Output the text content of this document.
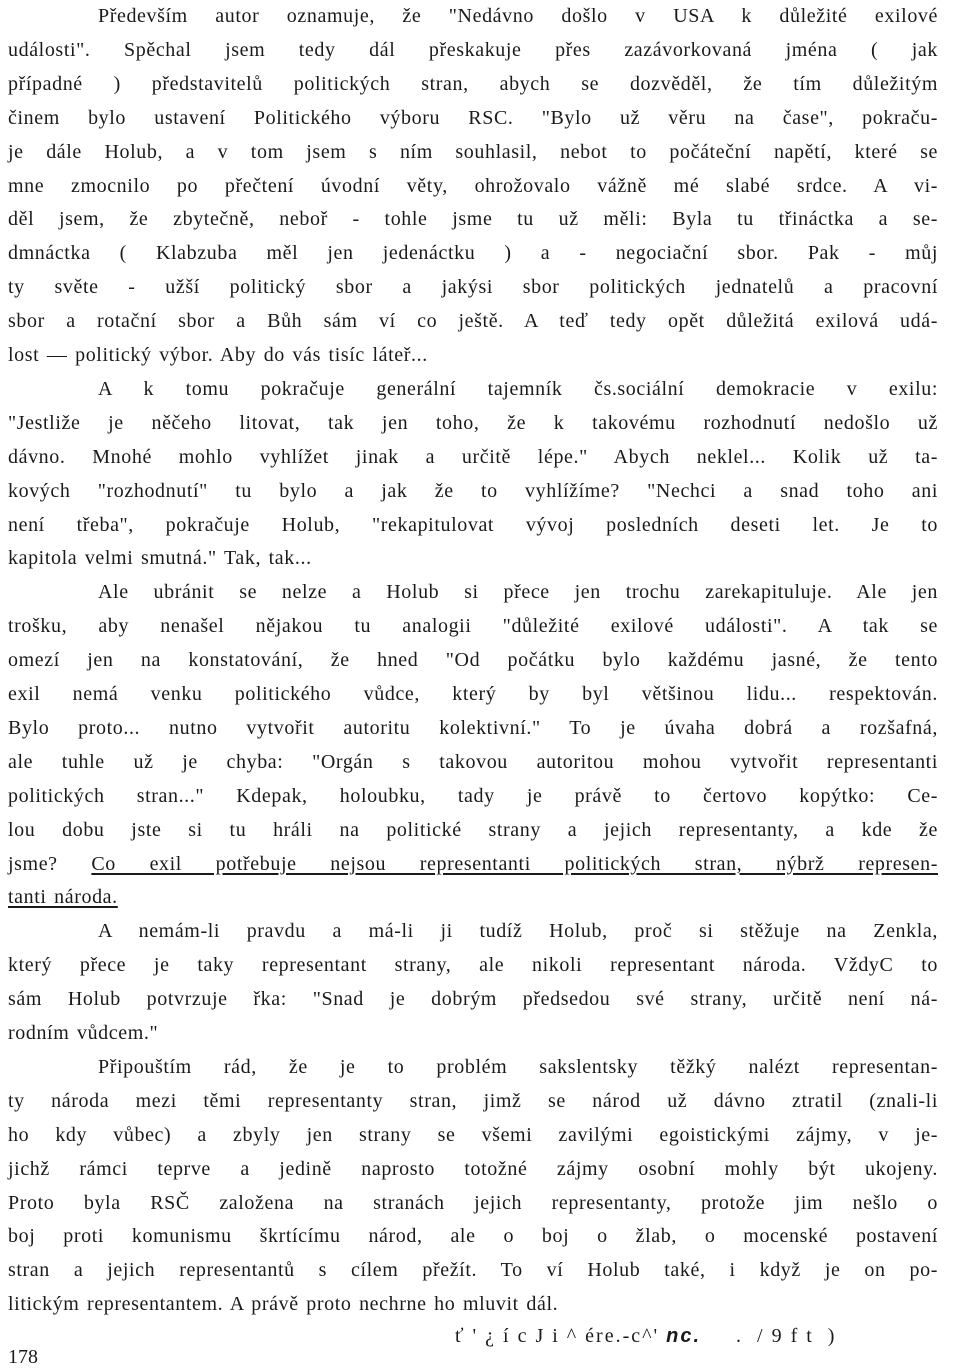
Především autor oznamuje, že "Nedávno došlo v USA k důležité exilové
události". Spěchal jsem tedy dál přeskakuje přes zazávorkovaná jména ( jak
případné ) představitelů politických stran, abych se dozvěděl, že tím důležitým
činem bylo ustavení Politického výboru RSC. "Bylo už věru na čase", pokraču-
je dále Holub, a v tom jsem s ním souhlasil, nebot to počáteční napětí, které se
mne zmocnilo po přečtení úvodní věty, ohrožovalo vážně mé slabé srdce. A vi-
děl jsem, že zbytečně, neboř - tohle jsme tu už měli: Byla tu třináctka a se-
dmnáctka ( Klabzuba měl jen jedenáctku ) a - negociační sbor. Pak - můj
ty světe - užší politický sbor a jakýsi sbor politických jednatelů a pracovní
sbor a rotační sbor a Bůh sám ví co ještě. A teď tedy opět důležitá exilová udá-
lost — politický výbor. Aby do vás tisíc láteř...
A k tomu pokračuje generální tajemník čs.sociální demokracie v exilu:
"Jestliže je něčeho litovat, tak jen toho, že k takovému rozhodnutí nedošlo už
dávno. Mnohé mohlo vyhlížet jinak a určitě lépe." Abych neklel... Kolik už ta-
kových "rozhodnutí" tu bylo a jak že to vyhlížíme? "Nechci a snad toho ani
není třeba", pokračuje Holub, "rekapitulovat vývoj posledních deseti let. Je to
kapitola velmi smutná." Tak, tak...
Ale ubránit se nelze a Holub si přece jen trochu zarekapituluje. Ale jen
trošku, aby nenašel nějakou tu analogii "důležité exilové události". A tak se
omezí jen na konstatování, že hned "Od počátku bylo každému jasné, že tento
exil nemá venku politického vůdce, který by byl většinou lidu... respektován.
Bylo proto... nutno vytvořit autoritu kolektivní." To je úvaha dobrá a rozšafná,
ale tuhle už je chyba: "Orgán s takovou autoritou mohou vytvořit representanti
politických stran..." Kdepak, holoubku, tady je právě to čertovo kopýtko: Ce-
lou dobu jste si tu hráli na politické strany a jejich representanty, a kde že
jsme? Co exil potřebuje nejsou representanti politických stran, nýbrž represen-
tanti národa.
A nemám-li pravdu a má-li ji tudíž Holub, proč si stěžuje na Zenkla,
který přece je taky representant strany, ale nikoli representant národa. VždyC to
sám Holub potvrzuje řka: "Snad je dobrým předsedou své strany, určitě není ná-
rodním vůdcem."
Připouštím rád, že je to problém sakslentsky těžký nalézt representan-
ty národa mezi těmi representanty stran, jimž se národ už dávno ztratil (znali-li
ho kdy vůbec) a zbyly jen strany se všemi zavilými egoistickými zájmy, v je-
jichž rámci teprve a jedině naprosto totožné zájmy osobní mohly být ukojeny.
Proto byla RSČ založena na stranách jejich representanty, protože jim nešlo o
boj proti komunismu škrtícímu národ, ale o boj o žlab, o mocenské postavení
stran a jejich representantů s cílem přežít. To ví Holub také, i když je on po-
litickým representantem. A právě proto nechrne ho mluvit dál.
ť ' ¿ í c J i ^ ére.-c^' nc.     .  / 9 f t  )
178
